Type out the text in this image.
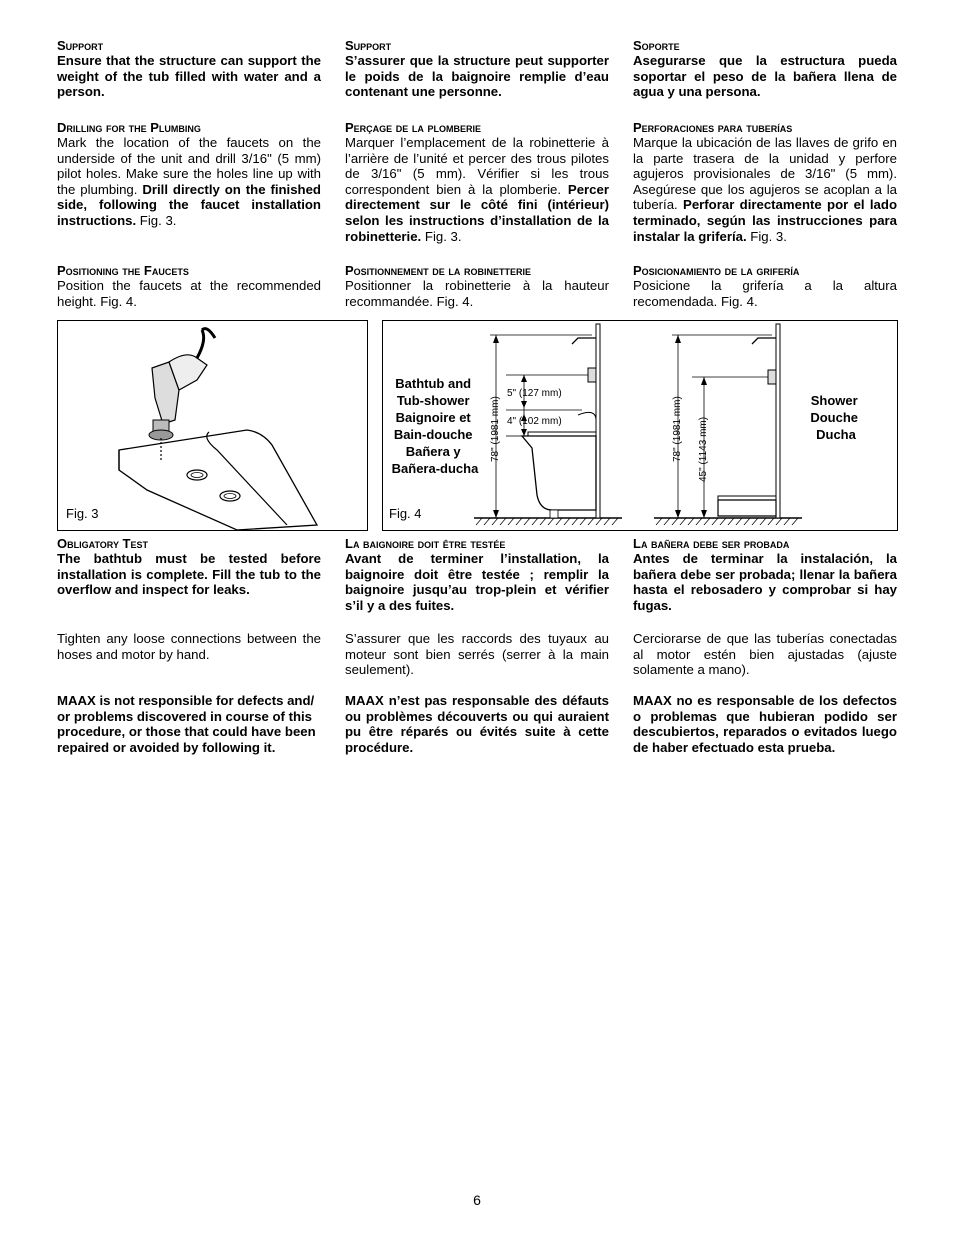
Support

Ensure that the structure can support the weight of the tub filled with water and a person.

Drilling for the Plumbing

Mark the location of the faucets on the underside of the unit and drill 3/16" (5 mm) pilot holes. Make sure the holes line up with the plumbing. Drill directly on the finished side, following the faucet installation instructions. Fig. 3.

Positioning the Faucets

Position the faucets at the recommended height. Fig. 4.

Obligatory Test

The bathtub must be tested before installation is complete. Fill the tub to the overflow and inspect for leaks.

Tighten any loose connections between the hoses and motor by hand.

MAAX is not responsible for defects and/ or problems discovered in course of this procedure, or those that could have been repaired or avoided by following it.

Support

S’assurer que la structure peut supporter le poids de la baignoire remplie d’eau contenant une personne.

Perçage de la plomberie

Marquer l’emplacement de la robinetterie à l’arrière de l’unité et percer des trous pilotes de 3/16" (5 mm). Vérifier si les trous correspondent bien à la plomberie. Percer directement sur le côté fini (intérieur) selon les instructions d’installation de la robinetterie. Fig. 3.

Positionnement de la robinetterie

Positionner la robinetterie à la hauteur recommandée. Fig. 4.

La baignoire doit être testée

Avant de terminer l’installation, la baignoire doit être testée ; remplir la baignoire jusqu’au trop-plein et vérifier s’il y a des fuites.

S’assurer que les raccords des tuyaux au moteur sont bien serrés (serrer à la main seulement).

MAAX n’est pas responsable des défauts ou problèmes découverts ou qui auraient pu être réparés ou évités suite à cette procédure.

Soporte

Asegurarse que la estructura pueda soportar el peso de la bañera llena de agua y una persona.

Perforaciones para tuberías

Marque la ubicación de las llaves de grifo en la parte trasera de la unidad y perfore agujeros provisionales de 3/16" (5 mm). Asegúrese que los agujeros se acoplan a la tubería. Perforar directamente por el lado terminado, según las instrucciones para instalar la grifería. Fig. 3.

Posicionamiento de la grifería

Posicione la grifería a la altura recomendada. Fig. 4.

La bañera debe ser probada

Antes de terminar la instalación, la bañera debe ser probada; llenar la bañera hasta el rebosadero y comprobar si hay fugas.

Cerciorarse de que las tuberías conectadas al motor estén bien ajustadas (ajuste solamente a mano).

MAAX no es responsable de los defectos o problemas que hubieran podido ser descubiertos, reparados o evitados luego de haber efectuado esta prueba.

Fig. 3
Bathtub and Tub-shower Baignoire et Bain-douche Bañera y Bañera-ducha
78" (1981 mm)
5" (127 mm)
4" (102 mm)
Fig. 4
78" (1981 mm) 45" (1143 mm)
Shower Douche Ducha
6
